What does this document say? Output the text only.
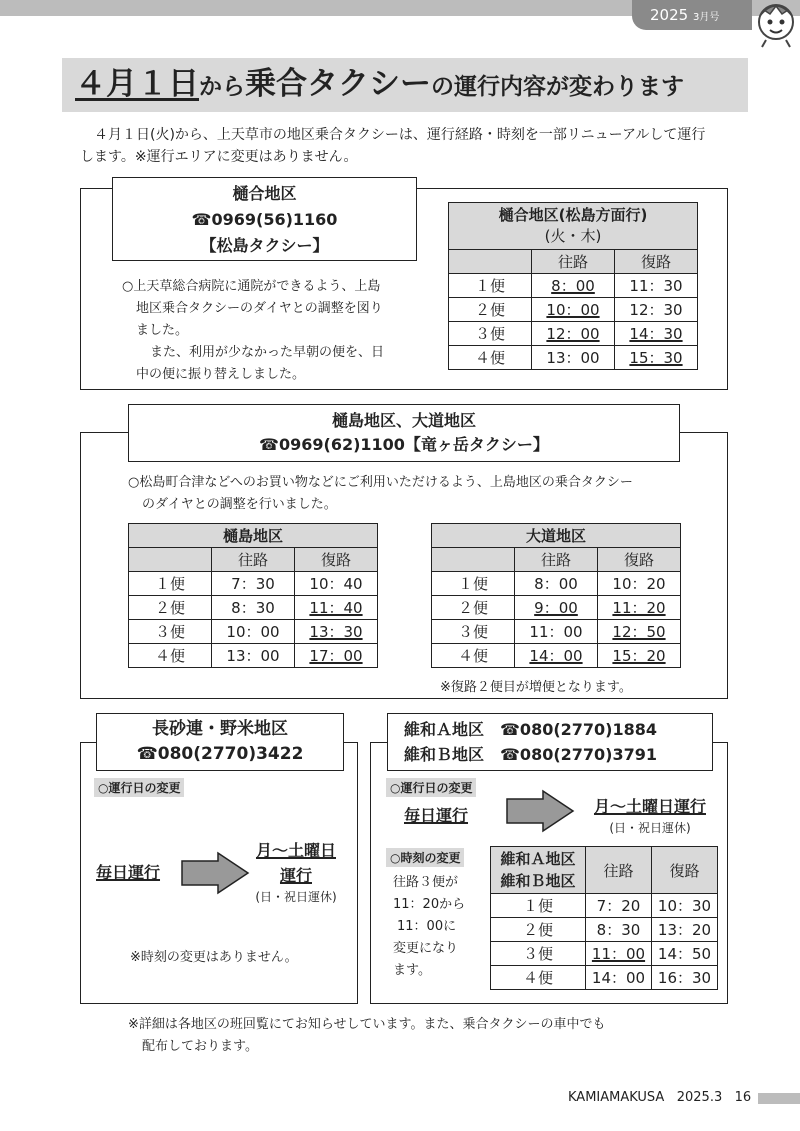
2025 3月号
４月１日から乗合タクシーの運行内容が変わります
４月１日(火)から、上天草市の地区乗合タクシーは、運行経路・時刻を一部リニューアルして運行
します。※運行エリアに変更はありません。
樋合地区
☎0969(56)1160
【松島タクシー】
○上天草総合病院に通院ができるよう、上島
地区乗合タクシーのダイヤとの調整を図り
ました。
また、利用が少なかった早朝の便を、日
中の便に振り替えしました。
樋合地区(松島方面行)
(火・木)		
	往路	復路
１便	8：00	11：30
２便	10：00	12：30
３便	12：00	14：30
４便	13：00	15：30
樋島地区、大道地区
☎0969(62)1100【竜ヶ岳タクシー】
○松島町合津などへのお買い物などにご利用いただけるよう、上島地区の乗合タクシー
のダイヤとの調整を行いました。
樋島地区		
	往路	復路
１便	7：30	10：40
２便	8：30	11：40
３便	10：00	13：30
４便	13：00	17：00
大道地区		
	往路	復路
１便	8：00	10：20
２便	9：00	11：20
３便	11：00	12：50
４便	14：00	15：20
※復路２便目が増便となります。
長砂連・野米地区
☎080(2770)3422
○運行日の変更
毎日運行
月～土曜日
運行
(日・祝日運休)
※時刻の変更はありません。
維和Ａ地区　☎080(2770)1884
維和Ｂ地区　☎080(2770)3791
○運行日の変更
毎日運行	月～土曜日運行
(日・祝日運休)
○時刻の変更
往路３便が
11：20から
11：00に
変更になり
ます。
維和Ａ地区
維和Ｂ地区	往路	復路
１便	7：20	10：30
２便	8：30	13：20
３便	11：00	14：50
４便	14：00	16：30
※詳細は各地区の班回覧にてお知らせしています。また、乗合タクシーの車中でも
配布しております。
KAMIAMAKUSA 2025.3 16
